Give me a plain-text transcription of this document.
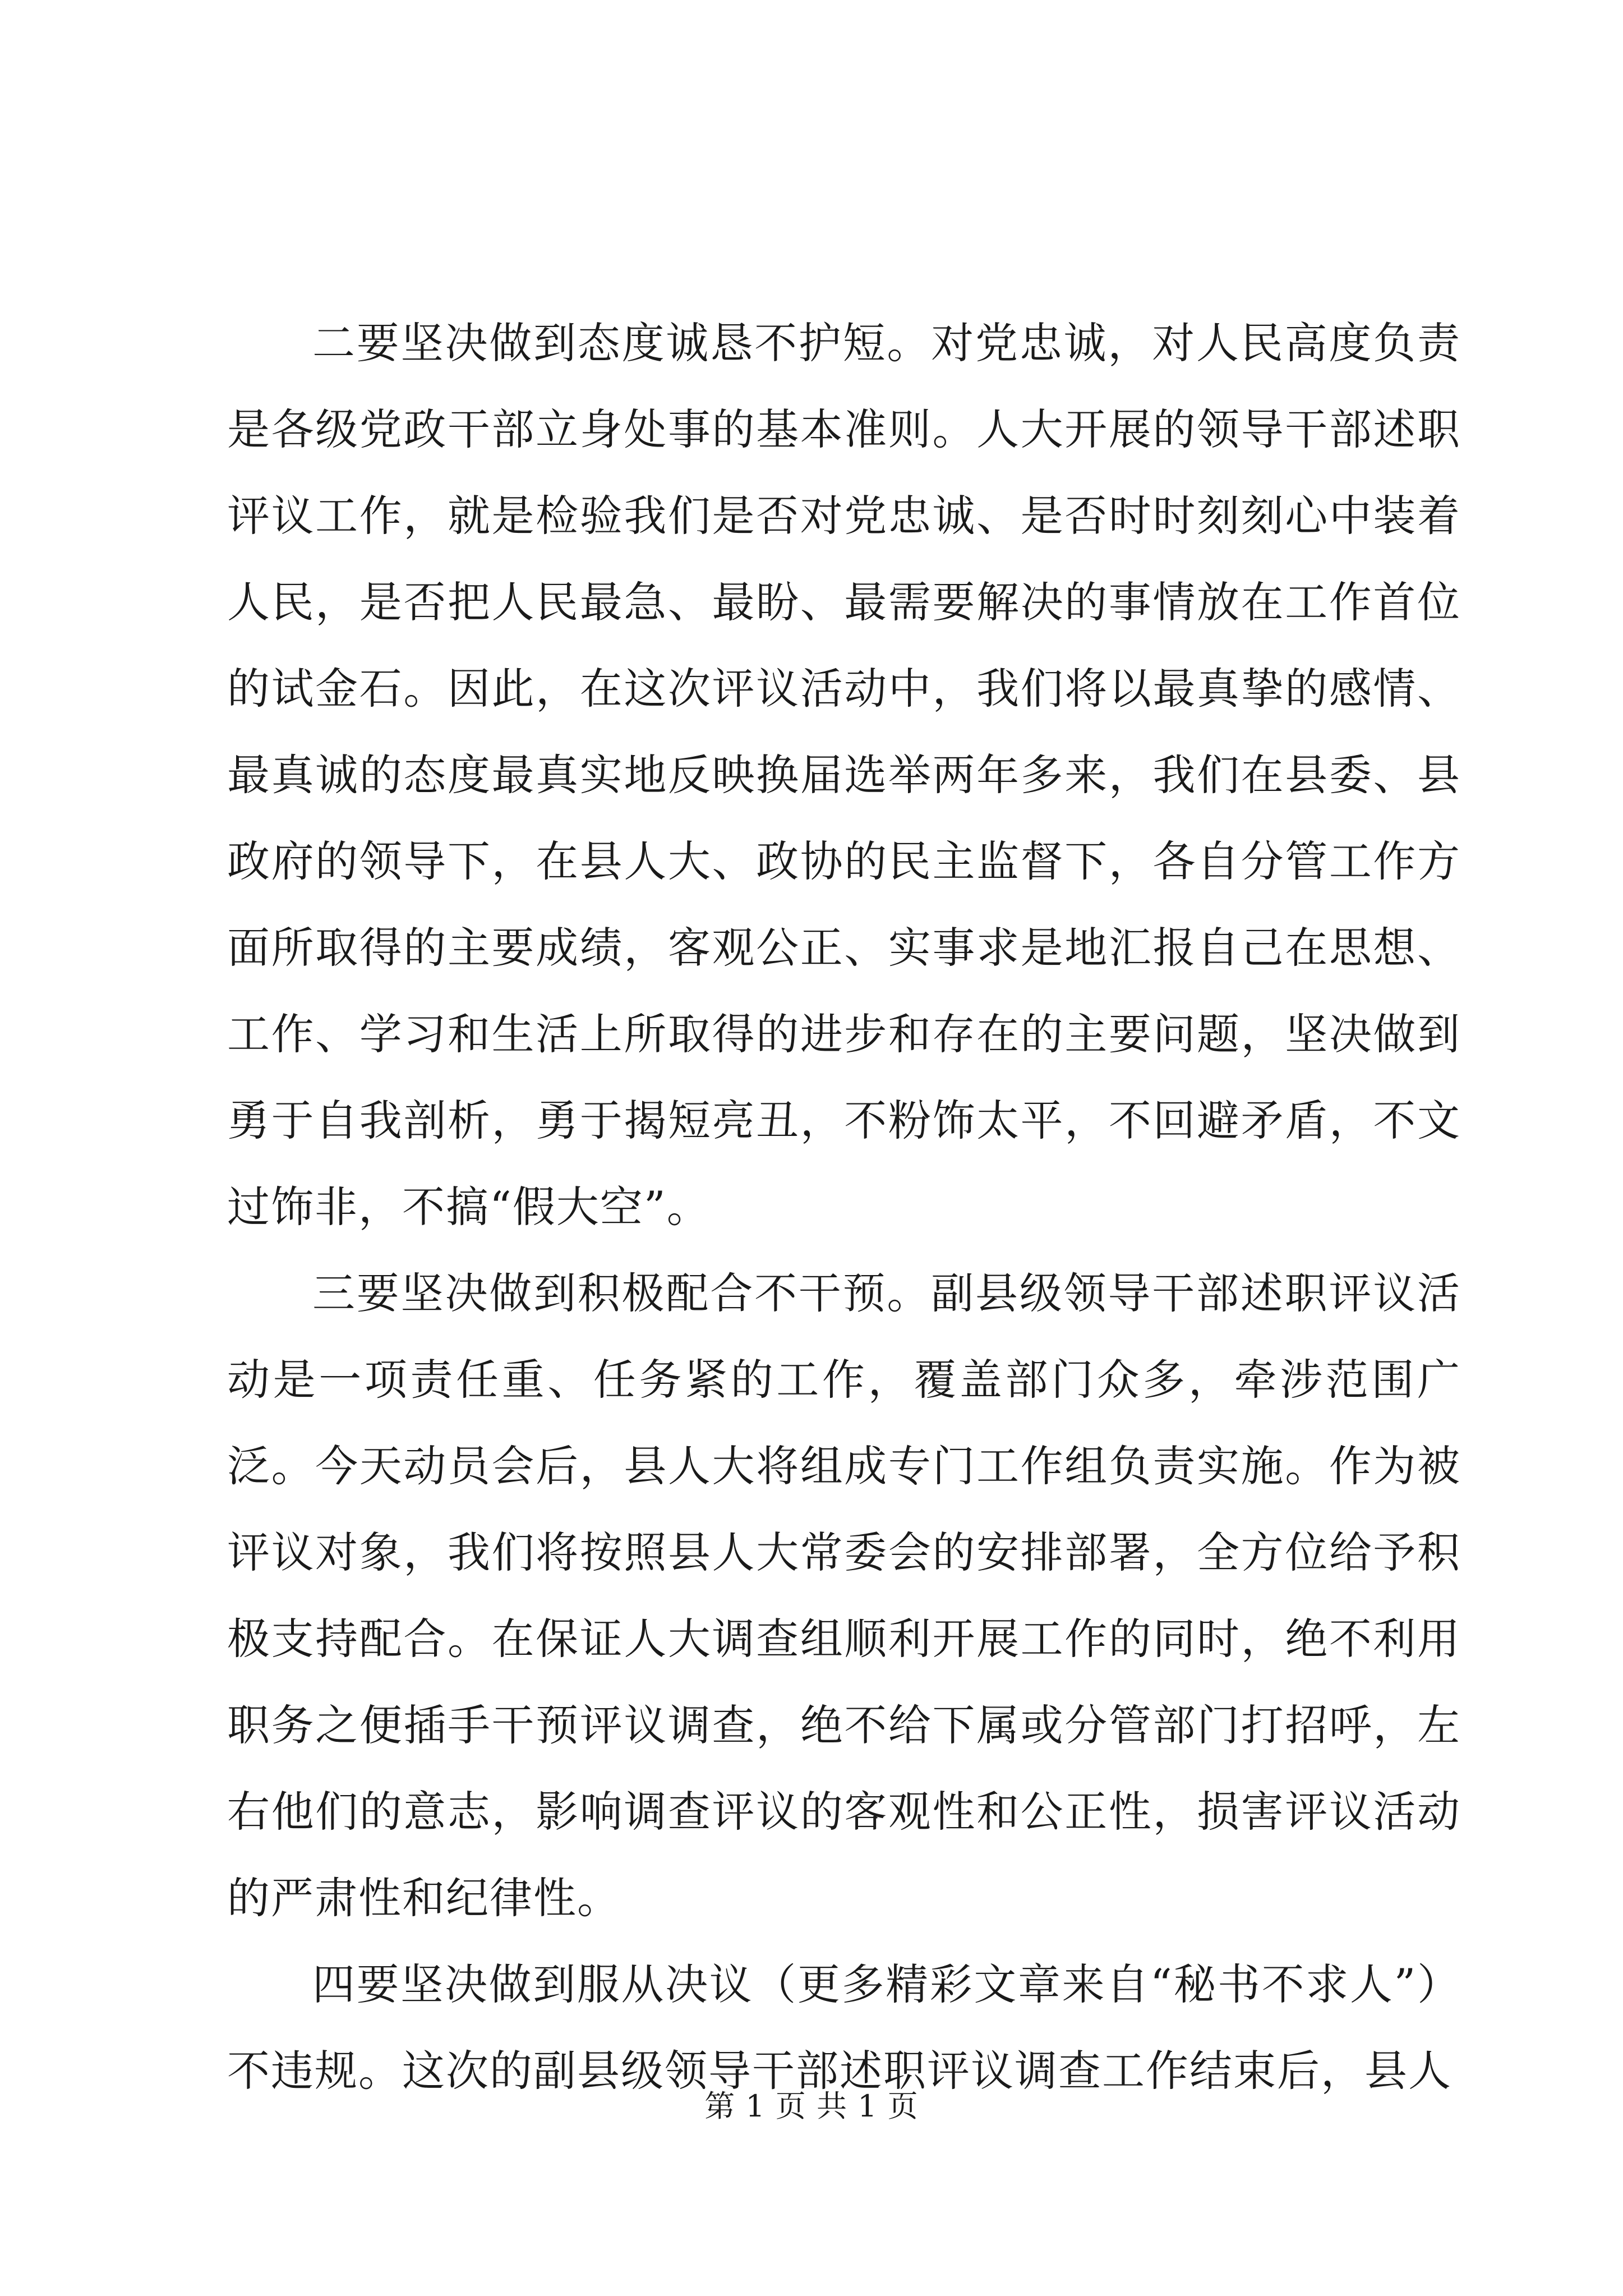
二要坚决做到态度诚恳不护短。对党忠诚，对人民高度负责是各级党政干部立身处事的基本准则。人大开展的领导干部述职评议工作，就是检验我们是否对党忠诚、是否时时刻刻心中装着人民，是否把人民最急、最盼、最需要解决的事情放在工作首位的试金石。因此，在这次评议活动中，我们将以最真挚的感情、最真诚的态度最真实地反映换届选举两年多来，我们在县委、县政府的领导下，在县人大、政协的民主监督下，各自分管工作方面所取得的主要成绩，客观公正、实事求是地汇报自己在思想、工作、学习和生活上所取得的进步和存在的主要问题，坚决做到勇于自我剖析，勇于揭短亮丑，不粉饰太平，不回避矛盾，不文过饰非，不搞“假大空”。

三要坚决做到积极配合不干预。副县级领导干部述职评议活动是一项责任重、任务紧的工作，覆盖部门众多，牵涉范围广泛。今天动员会后，县人大将组成专门工作组负责实施。作为被评议对象，我们将按照县人大常委会的安排部署，全方位给予积极支持配合。在保证人大调查组顺利开展工作的同时，绝不利用职务之便插手干预评议调查，绝不给下属或分管部门打招呼，左右他们的意志，影响调查评议的客观性和公正性，损害评议活动的严肃性和纪律性。

四要坚决做到服从决议（更多精彩文章来自“秘书不求人”）不违规。这次的副县级领导干部述职评议调查工作结束后，县人

第 1 页 共 1 页
